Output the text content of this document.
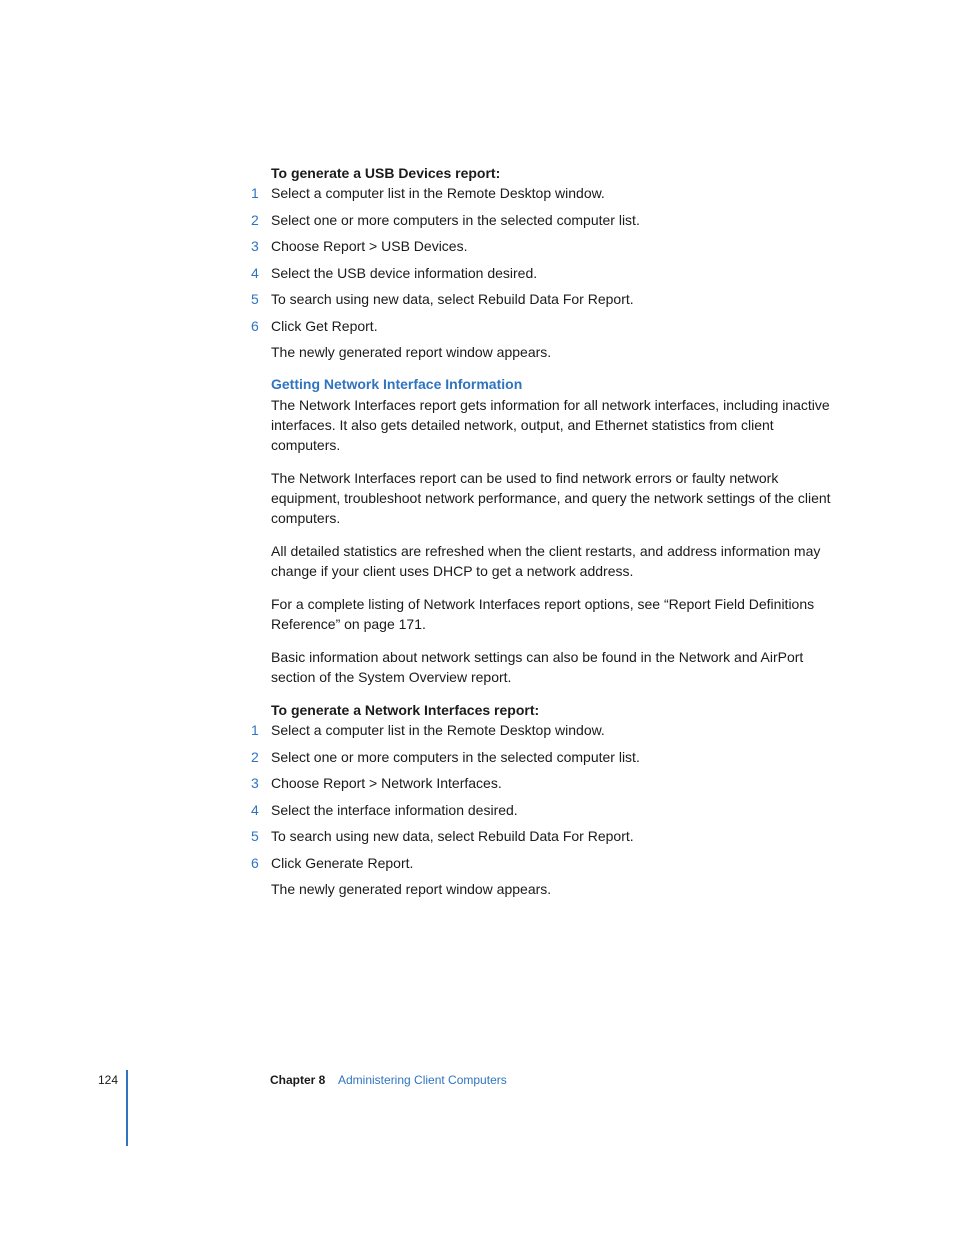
To generate a USB Devices report:

1 Select a computer list in the Remote Desktop window.
2 Select one or more computers in the selected computer list.
3 Choose Report > USB Devices.
4 Select the USB device information desired.
5 To search using new data, select Rebuild Data For Report.
6 Click Get Report.

The newly generated report window appears.

Getting Network Interface Information

The Network Interfaces report gets information for all network interfaces, including inactive interfaces. It also gets detailed network, output, and Ethernet statistics from client computers.

The Network Interfaces report can be used to find network errors or faulty network equipment, troubleshoot network performance, and query the network settings of the client computers.

All detailed statistics are refreshed when the client restarts, and address information may change if your client uses DHCP to get a network address.

For a complete listing of Network Interfaces report options, see “Report Field Definitions Reference” on page 171.

Basic information about network settings can also be found in the Network and AirPort section of the System Overview report.

To generate a Network Interfaces report:

1 Select a computer list in the Remote Desktop window.
2 Select one or more computers in the selected computer list.
3 Choose Report > Network Interfaces.
4 Select the interface information desired.
5 To search using new data, select Rebuild Data For Report.
6 Click Generate Report.

The newly generated report window appears.

124	Chapter 8 Administering Client Computers
